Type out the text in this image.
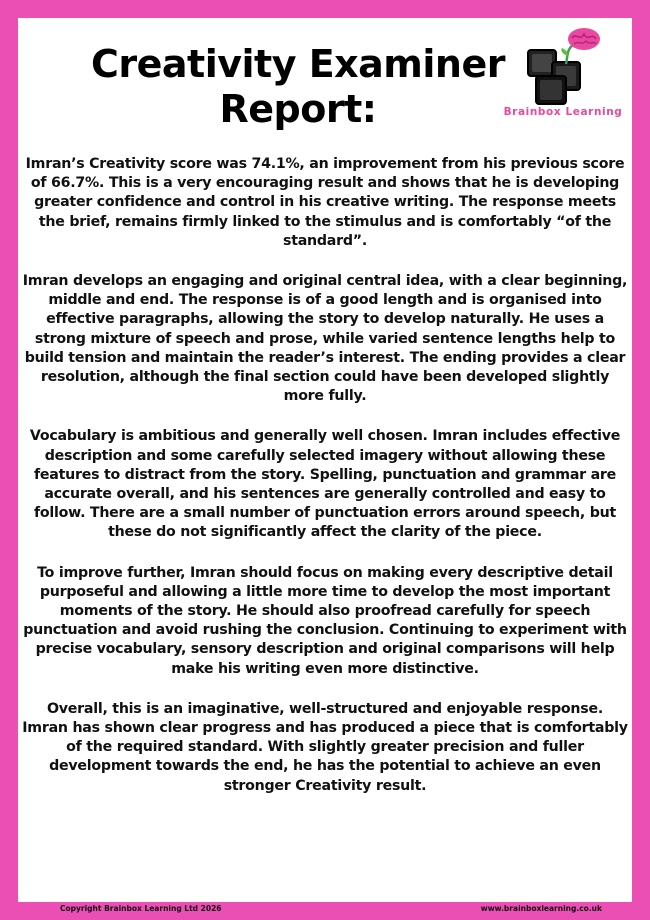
Creativity Examiner
Report:	Brainbox Learning

Imran’s Creativity score was 74.1%, an improvement from his previous score of 66.7%. This is a very encouraging result and shows that he is developing greater confidence and control in his creative writing. The response meets the brief, remains firmly linked to the stimulus and is comfortably “of the standard”.

Imran develops an engaging and original central idea, with a clear beginning, middle and end. The response is of a good length and is organised into effective paragraphs, allowing the story to develop naturally. He uses a strong mixture of speech and prose, while varied sentence lengths help to build tension and maintain the reader’s interest. The ending provides a clear resolution, although the final section could have been developed slightly more fully.

Vocabulary is ambitious and generally well chosen. Imran includes effective description and some carefully selected imagery without allowing these features to distract from the story. Spelling, punctuation and grammar are accurate overall, and his sentences are generally controlled and easy to follow. There are a small number of punctuation errors around speech, but these do not significantly affect the clarity of the piece.

To improve further, Imran should focus on making every descriptive detail purposeful and allowing a little more time to develop the most important moments of the story. He should also proofread carefully for speech punctuation and avoid rushing the conclusion. Continuing to experiment with precise vocabulary, sensory description and original comparisons will help make his writing even more distinctive.

Overall, this is an imaginative, well-structured and enjoyable response. Imran has shown clear progress and has produced a piece that is comfortably of the required standard. With slightly greater precision and fuller development towards the end, he has the potential to achieve an even stronger Creativity result.

Copyright Brainbox Learning Ltd 2026	www.brainboxlearning.co.uk
